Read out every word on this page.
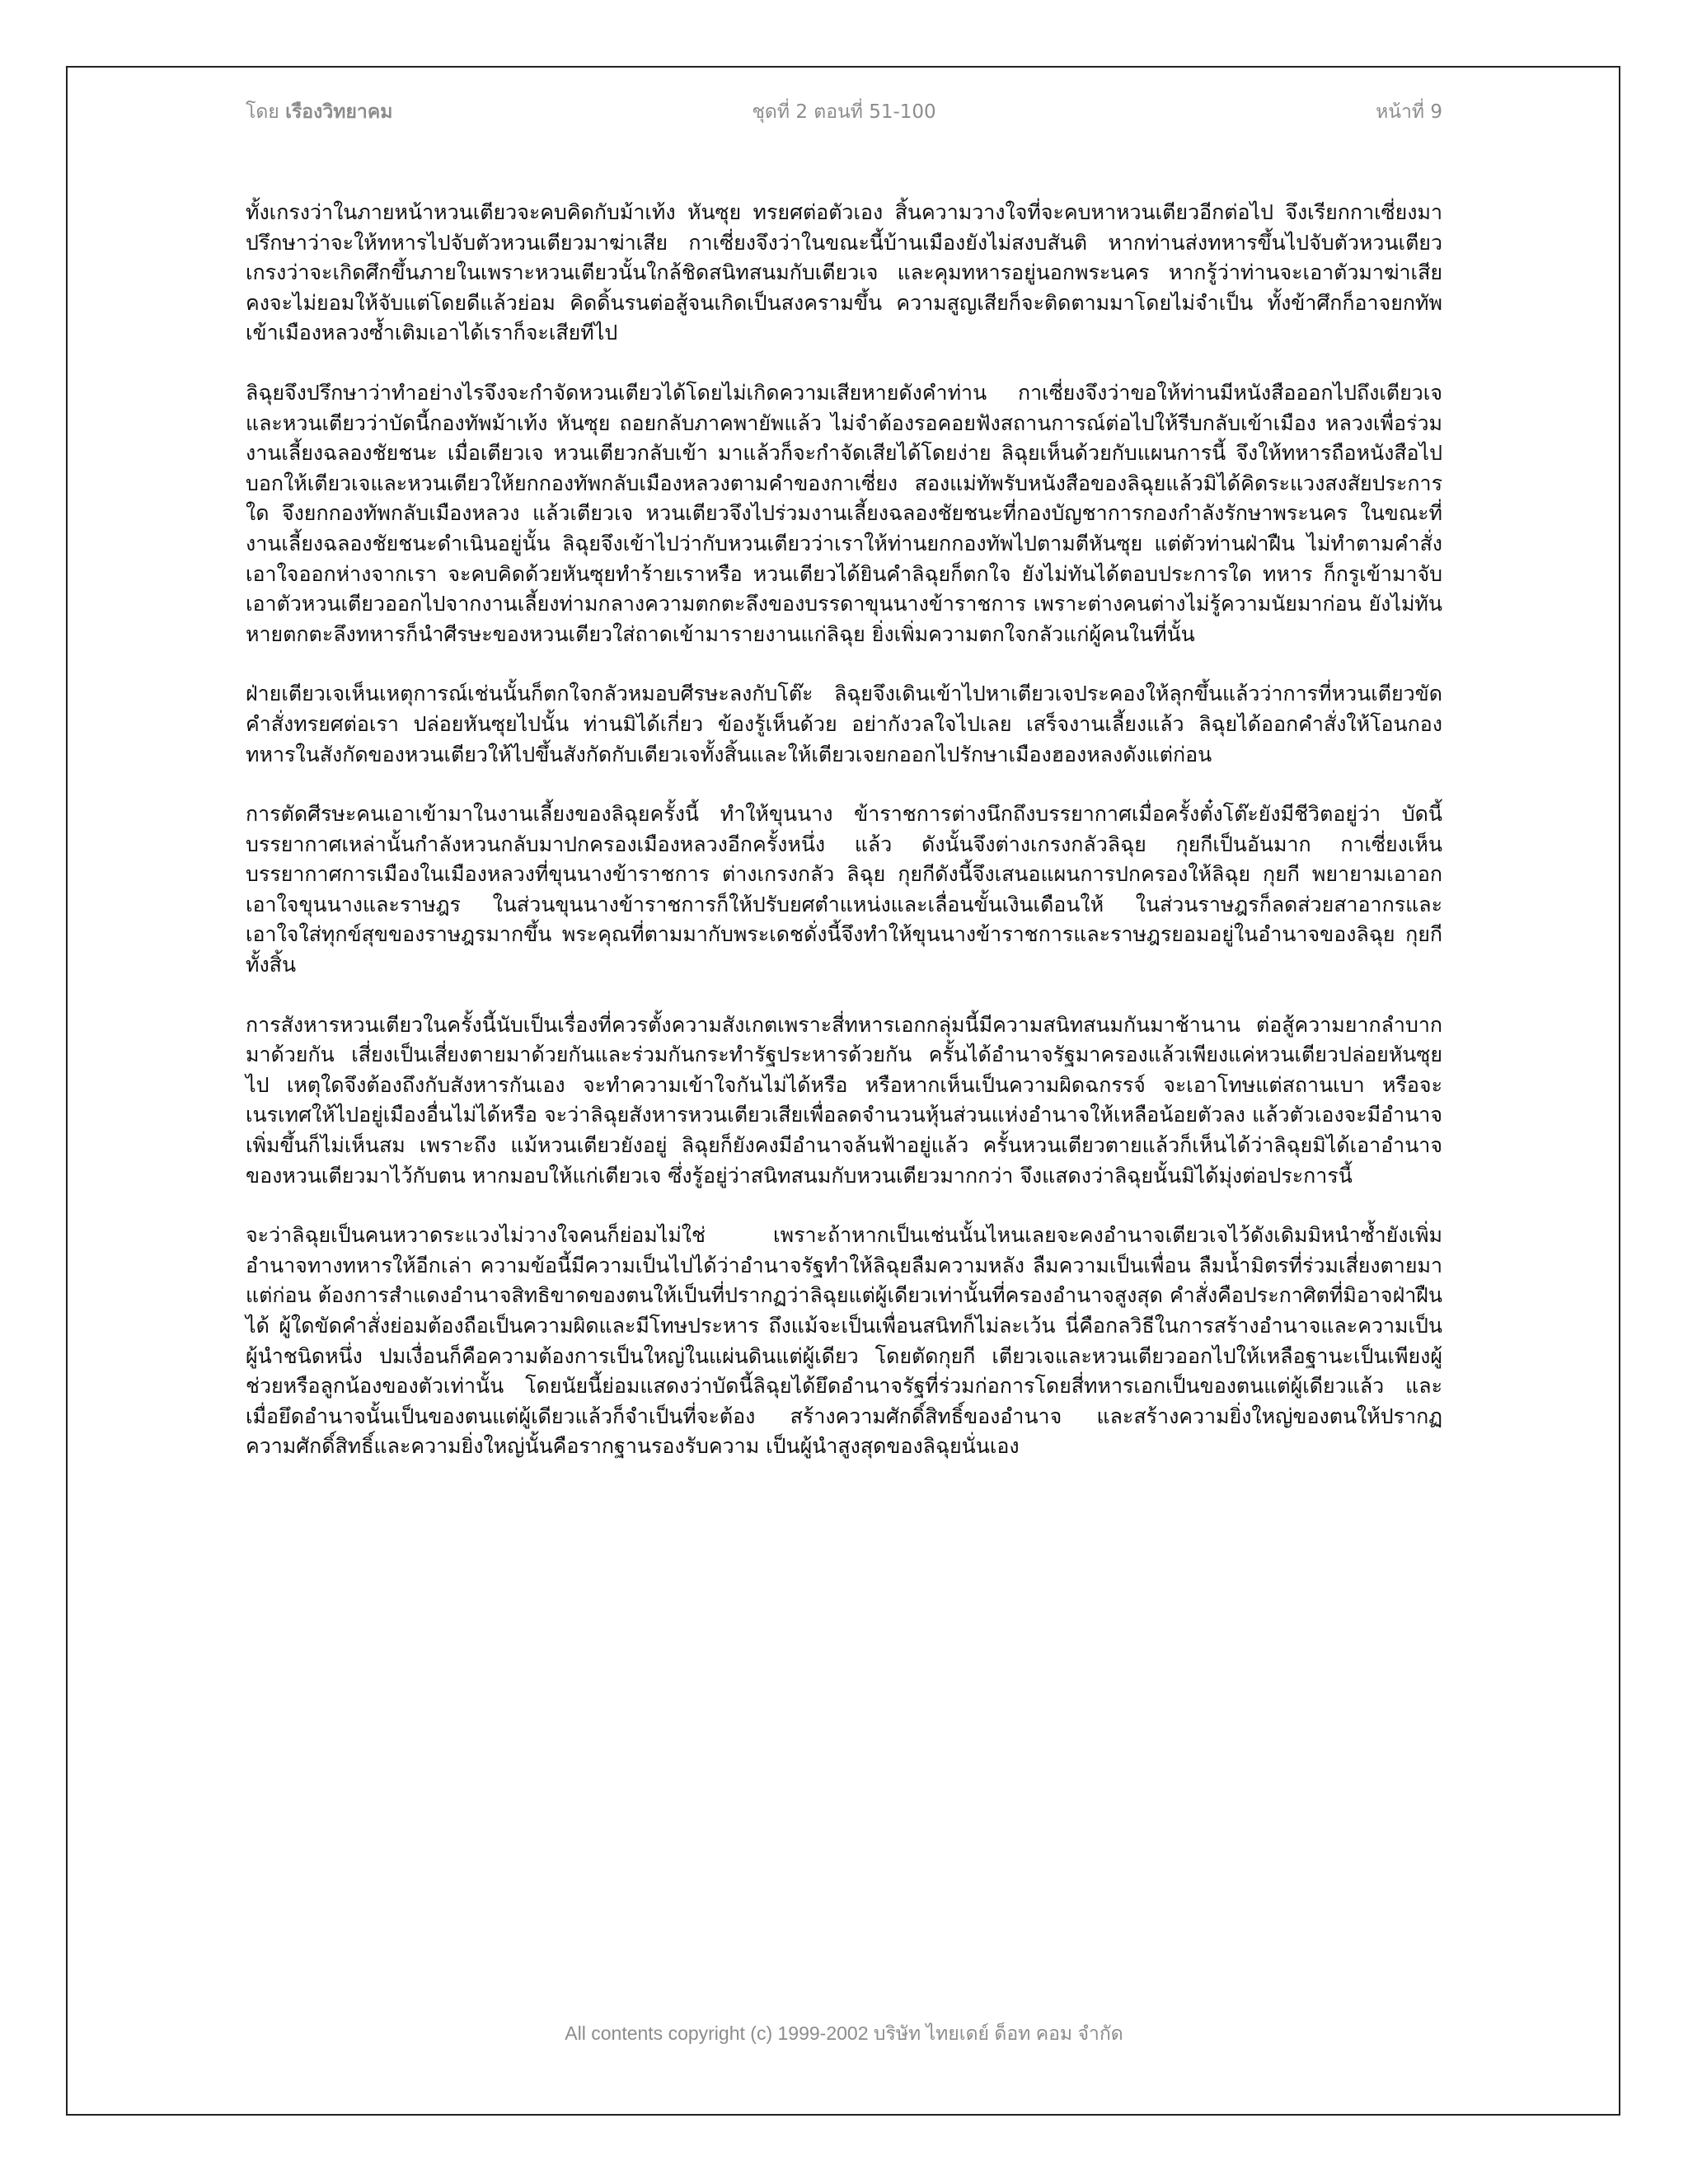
โดย เรืองวิทยาคม	ชุดที่ 2 ตอนที่ 51-100	หน้าที่ 9

ทั้งเกรงว่าในภายหน้าหวนเตียวจะคบคิดกับม้าเท้ง หันซุย ทรยศต่อตัวเอง สิ้นความวางใจที่จะคบหาหวนเตียวอีกต่อไป จึงเรียกกาเซี่ยงมาปรึกษาว่าจะให้ทหารไปจับตัวหวนเตียวมาฆ่าเสีย กาเซี่ยงจึงว่าในขณะนี้บ้านเมืองยังไม่สงบสันติ หากท่านส่งทหารขึ้นไปจับตัวหวนเตียวเกรงว่าจะเกิดศึกขึ้นภายในเพราะหวนเตียวนั้นใกล้ชิดสนิทสนมกับเตียวเจ และคุมทหารอยู่นอกพระนคร หากรู้ว่าท่านจะเอาตัวมาฆ่าเสียคงจะไม่ยอมให้จับแต่โดยดีแล้วย่อม คิดดิ้นรนต่อสู้จนเกิดเป็นสงครามขึ้น ความสูญเสียก็จะติดตามมาโดยไม่จำเป็น ทั้งข้าศึกก็อาจยกทัพเข้าเมืองหลวงซ้ำเติมเอาได้เราก็จะเสียทีไป

ลิฉุยจึงปรึกษาว่าทำอย่างไรจึงจะกำจัดหวนเตียวได้โดยไม่เกิดความเสียหายดังคำท่าน กาเซี่ยงจึงว่าขอให้ท่านมีหนังสือออกไปถึงเตียวเจและหวนเตียวว่าบัดนี้กองทัพม้าเท้ง หันซุย ถอยกลับภาคพายัพแล้ว ไม่จำต้องรอคอยฟังสถานการณ์ต่อไปให้รีบกลับเข้าเมือง หลวงเพื่อร่วมงานเลี้ยงฉลองชัยชนะ เมื่อเตียวเจ หวนเตียวกลับเข้า มาแล้วก็จะกำจัดเสียได้โดยง่าย ลิฉุยเห็นด้วยกับแผนการนี้ จึงให้ทหารถือหนังสือไปบอกให้เตียวเจและหวนเตียวให้ยกกองทัพกลับเมืองหลวงตามคำของกาเซี่ยง สองแม่ทัพรับหนังสือของลิฉุยแล้วมิได้คิดระแวงสงสัยประการใด จึงยกกองทัพกลับเมืองหลวง แล้วเตียวเจ หวนเตียวจึงไปร่วมงานเลี้ยงฉลองชัยชนะที่กองบัญชาการกองกำลังรักษาพระนคร ในขณะที่งานเลี้ยงฉลองชัยชนะดำเนินอยู่นั้น ลิฉุยจึงเข้าไปว่ากับหวนเตียวว่าเราให้ท่านยกกองทัพไปตามตีหันซุย แต่ตัวท่านฝ่าฝืน ไม่ทำตามคำสั่งเอาใจออกห่างจากเรา จะคบคิดด้วยหันซุยทำร้ายเราหรือ หวนเตียวได้ยินคำลิฉุยก็ตกใจ ยังไม่ทันได้ตอบประการใด ทหาร ก็กรูเข้ามาจับเอาตัวหวนเตียวออกไปจากงานเลี้ยงท่ามกลางความตกตะลึงของบรรดาขุนนางข้าราชการ เพราะต่างคนต่างไม่รู้ความนัยมาก่อน ยังไม่ทันหายตกตะลึงทหารก็นำศีรษะของหวนเตียวใส่ถาดเข้ามารายงานแก่ลิฉุย ยิ่งเพิ่มความตกใจกลัวแก่ผู้คนในที่นั้น

ฝ่ายเตียวเจเห็นเหตุการณ์เช่นนั้นก็ตกใจกลัวหมอบศีรษะลงกับโต๊ะ ลิฉุยจึงเดินเข้าไปหาเตียวเจประคองให้ลุกขึ้นแล้วว่าการที่หวนเตียวขัดคำสั่งทรยศต่อเรา ปล่อยหันซุยไปนั้น ท่านมิได้เกี่ยว ข้องรู้เห็นด้วย อย่ากังวลใจไปเลย เสร็จงานเลี้ยงแล้ว ลิฉุยได้ออกคำสั่งให้โอนกองทหารในสังกัดของหวนเตียวให้ไปขึ้นสังกัดกับเตียวเจทั้งสิ้นและให้เตียวเจยกออกไปรักษาเมืองฮองหลงดังแต่ก่อน

การตัดศีรษะคนเอาเข้ามาในงานเลี้ยงของลิฉุยครั้งนี้ ทำให้ขุนนาง ข้าราชการต่างนึกถึงบรรยากาศเมื่อครั้งตั๋งโต๊ะยังมีชีวิตอยู่ว่า บัดนี้บรรยากาศเหล่านั้นกำลังหวนกลับมาปกครองเมืองหลวงอีกครั้งหนึ่ง แล้ว ดังนั้นจึงต่างเกรงกลัวลิฉุย กุยกีเป็นอันมาก กาเซี่ยงเห็นบรรยากาศการเมืองในเมืองหลวงที่ขุนนางข้าราชการ ต่างเกรงกลัว ลิฉุย กุยกีดังนี้จึงเสนอแผนการปกครองให้ลิฉุย กุยกี พยายามเอาอกเอาใจขุนนางและราษฎร ในส่วนขุนนางข้าราชการก็ให้ปรับยศตำแหน่งและเลื่อนขั้นเงินเดือนให้ ในส่วนราษฎรก็ลดส่วยสาอากรและเอาใจใส่ทุกข์สุขของราษฎรมากขึ้น พระคุณที่ตามมากับพระเดชดั่งนี้จึงทำให้ขุนนางข้าราชการและราษฎรยอมอยู่ในอำนาจของลิฉุย กุยกี ทั้งสิ้น

การสังหารหวนเตียวในครั้งนี้นับเป็นเรื่องที่ควรตั้งความสังเกตเพราะสี่ทหารเอกกลุ่มนี้มีความสนิทสนมกันมาช้านาน ต่อสู้ความยากลำบากมาด้วยกัน เสี่ยงเป็นเสี่ยงตายมาด้วยกันและร่วมกันกระทำรัฐประหารด้วยกัน ครั้นได้อำนาจรัฐมาครองแล้วเพียงแค่หวนเตียวปล่อยหันซุยไป เหตุใดจึงต้องถึงกับสังหารกันเอง จะทำความเข้าใจกันไม่ได้หรือ หรือหากเห็นเป็นความผิดฉกรรจ์ จะเอาโทษแต่สถานเบา หรือจะเนรเทศให้ไปอยู่เมืองอื่นไม่ได้หรือ จะว่าลิฉุยสังหารหวนเตียวเสียเพื่อลดจำนวนหุ้นส่วนแห่งอำนาจให้เหลือน้อยตัวลง แล้วตัวเองจะมีอำนาจเพิ่มขึ้นก็ไม่เห็นสม เพราะถึง แม้หวนเตียวยังอยู่ ลิฉุยก็ยังคงมีอำนาจล้นฟ้าอยู่แล้ว ครั้นหวนเตียวตายแล้วก็เห็นได้ว่าลิฉุยมิได้เอาอำนาจของหวนเตียวมาไว้กับตน หากมอบให้แก่เตียวเจ ซึ่งรู้อยู่ว่าสนิทสนมกับหวนเตียวมากกว่า จึงแสดงว่าลิฉุยนั้นมิได้มุ่งต่อประการนี้

จะว่าลิฉุยเป็นคนหวาดระแวงไม่วางใจคนก็ย่อมไม่ใช่ เพราะถ้าหากเป็นเช่นนั้นไหนเลยจะคงอำนาจเตียวเจไว้ดังเดิมมิหนำซ้ำยังเพิ่ม อำนาจทางทหารให้อีกเล่า ความข้อนี้มีความเป็นไปได้ว่าอำนาจรัฐทำให้ลิฉุยลืมความหลัง ลืมความเป็นเพื่อน ลืมน้ำมิตรที่ร่วมเสี่ยงตายมาแต่ก่อน ต้องการสำแดงอำนาจสิทธิขาดของตนให้เป็นที่ปรากฏว่าลิฉุยแต่ผู้เดียวเท่านั้นที่ครองอำนาจสูงสุด คำสั่งคือประกาศิตที่มิอาจฝ่าฝืนได้ ผู้ใดขัดคำสั่งย่อมต้องถือเป็นความผิดและมีโทษประหาร ถึงแม้จะเป็นเพื่อนสนิทก็ไม่ละเว้น นี่คือกลวิธีในการสร้างอำนาจและความเป็นผู้นำชนิดหนึ่ง ปมเงื่อนก็คือความต้องการเป็นใหญ่ในแผ่นดินแต่ผู้เดียว โดยตัดกุยกี เตียวเจและหวนเตียวออกไปให้เหลือฐานะเป็นเพียงผู้ช่วยหรือลูกน้องของตัวเท่านั้น โดยนัยนี้ย่อมแสดงว่าบัดนี้ลิฉุยได้ยึดอำนาจรัฐที่ร่วมก่อการโดยสี่ทหารเอกเป็นของตนแต่ผู้เดียวแล้ว และเมื่อยึดอำนาจนั้นเป็นของตนแต่ผู้เดียวแล้วก็จำเป็นที่จะต้อง สร้างความศักดิ์สิทธิ์ของอำนาจ และสร้างความยิ่งใหญ่ของตนให้ปรากฏ ความศักดิ์สิทธิ์และความยิ่งใหญ่นั้นคือรากฐานรองรับความ เป็นผู้นำสูงสุดของลิฉุยนั่นเอง

All contents copyright (c) 1999-2002 บริษัท ไทยเดย์ ด็อท คอม จำกัด
